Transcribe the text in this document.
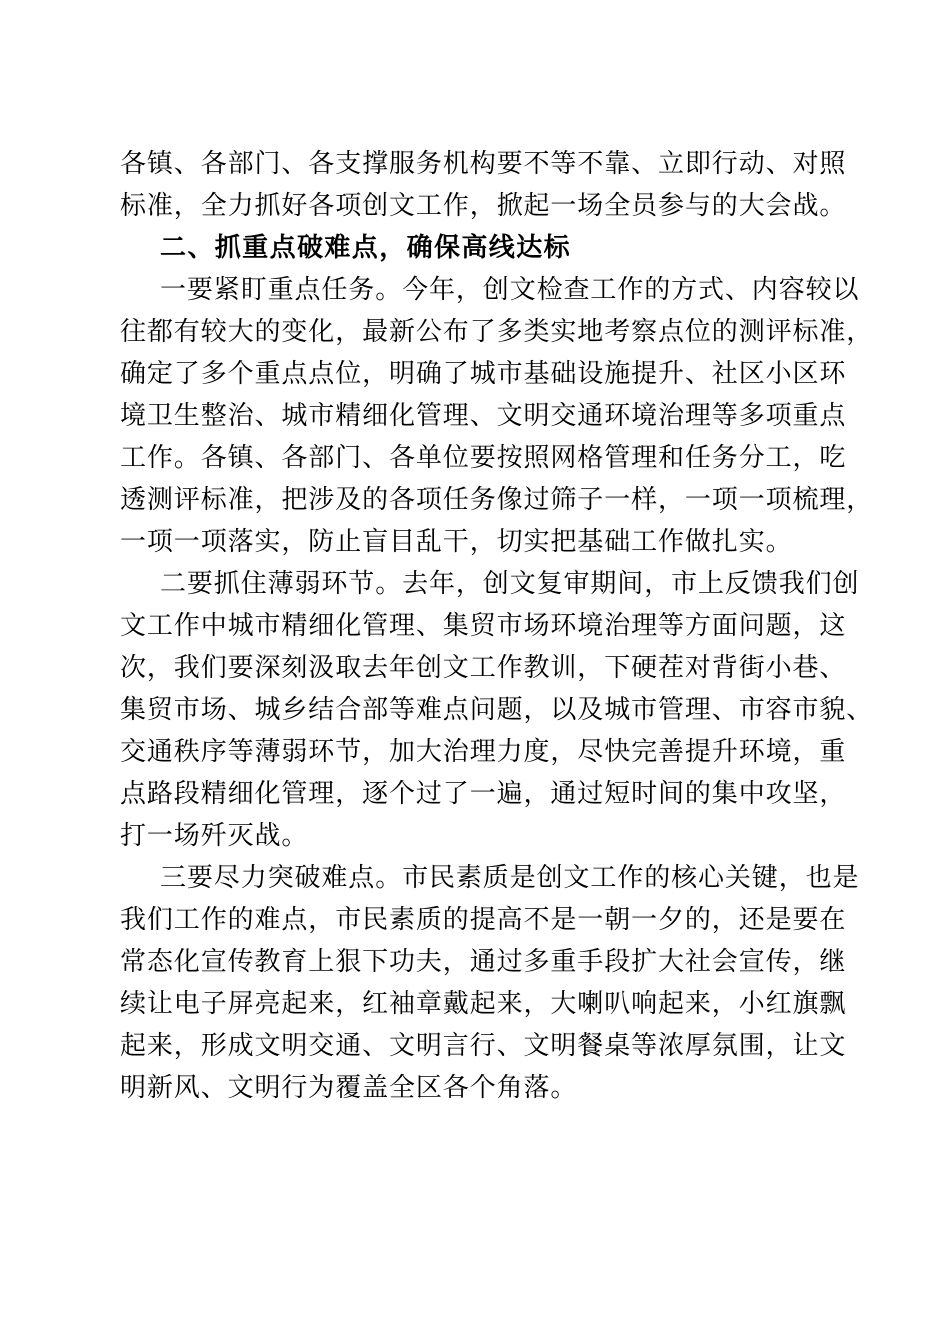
各镇、各部门、各支撑服务机构要不等不靠、立即行动、对照
标准，全力抓好各项创文工作，掀起一场全员参与的大会战。
二、抓重点破难点，确保高线达标
一要紧盯重点任务。今年，创文检查工作的方式、内容较以
往都有较大的变化，最新公布了多类实地考察点位的测评标准，
确定了多个重点点位，明确了城市基础设施提升、社区小区环
境卫生整治、城市精细化管理、文明交通环境治理等多项重点
工作。各镇、各部门、各单位要按照网格管理和任务分工，吃
透测评标准，把涉及的各项任务像过筛子一样，一项一项梳理，
一项一项落实，防止盲目乱干，切实把基础工作做扎实。
二要抓住薄弱环节。去年，创文复审期间，市上反馈我们创
文工作中城市精细化管理、集贸市场环境治理等方面问题，这
次，我们要深刻汲取去年创文工作教训，下硬茬对背街小巷、
集贸市场、城乡结合部等难点问题，以及城市管理、市容市貌、
交通秩序等薄弱环节，加大治理力度，尽快完善提升环境，重
点路段精细化管理，逐个过了一遍，通过短时间的集中攻坚，
打一场歼灭战。
三要尽力突破难点。市民素质是创文工作的核心关键，也是
我们工作的难点，市民素质的提高不是一朝一夕的，还是要在
常态化宣传教育上狠下功夫，通过多重手段扩大社会宣传，继
续让电子屏亮起来，红袖章戴起来，大喇叭响起来，小红旗飘
起来，形成文明交通、文明言行、文明餐桌等浓厚氛围，让文
明新风、文明行为覆盖全区各个角落。
